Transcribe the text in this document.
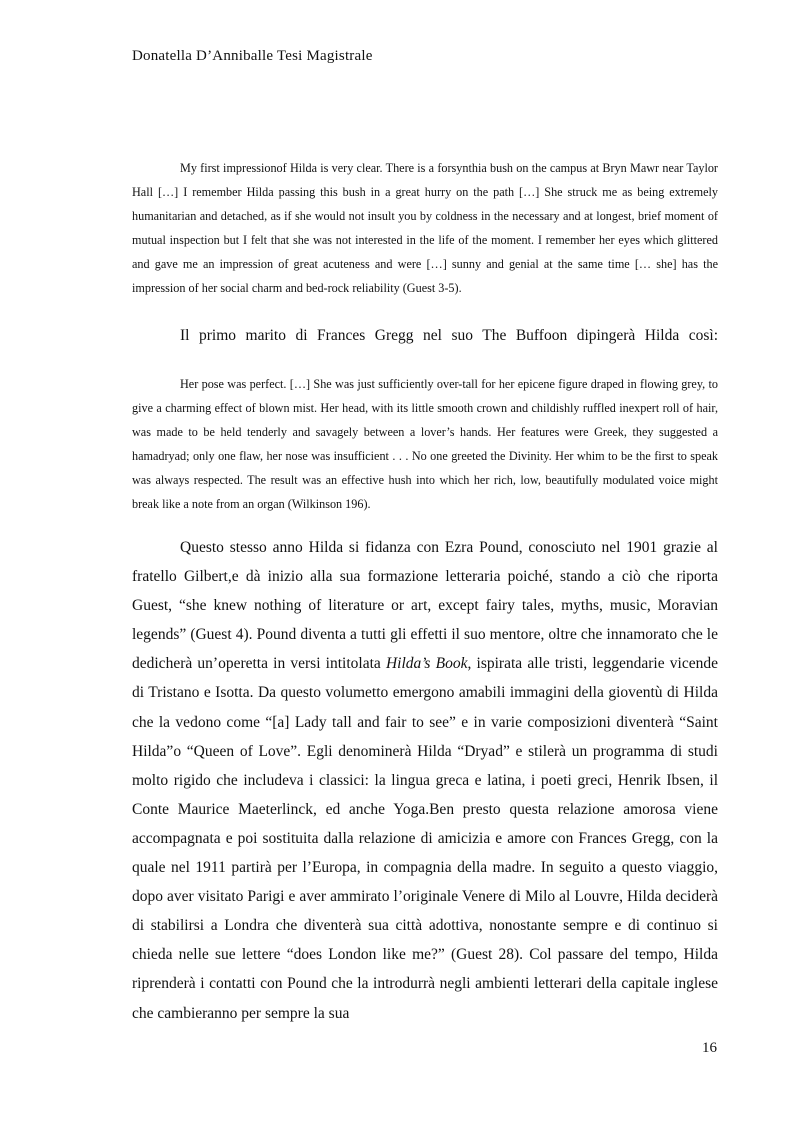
Donatella D’Anniballe Tesi Magistrale

My first impressionof Hilda is very clear. There is a forsynthia bush on the campus at Bryn Mawr near Taylor Hall […] I remember Hilda passing this bush in a great hurry on the path […] She struck me as being extremely humanitarian and detached, as if she would not insult you by coldness in the necessary and at longest, brief moment of mutual inspection but I felt that she was not interested in the life of the moment. I remember her eyes which glittered and gave me an impression of great acuteness and were […] sunny and genial at the same time [… she] has the impression of her social charm and bed-rock reliability (Guest 3-5).

Il primo marito di Frances Gregg nel suo The Buffoon dipingerà Hilda così:

Her pose was perfect. […] She was just sufficiently over-tall for her epicene figure draped in flowing grey, to give a charming effect of blown mist. Her head, with its little smooth crown and childishly ruffled inexpert roll of hair, was made to be held tenderly and savagely between a lover’s hands. Her features were Greek, they suggested a hamadryad; only one flaw, her nose was insufficient . . . No one greeted the Divinity. Her whim to be the first to speak was always respected. The result was an effective hush into which her rich, low, beautifully modulated voice might break like a note from an organ (Wilkinson 196).

Questo stesso anno Hilda si fidanza con Ezra Pound, conosciuto nel 1901 grazie al fratello Gilbert,e dà inizio alla sua formazione letteraria poiché, stando a ciò che riporta Guest, “she knew nothing of literature or art, except fairy tales, myths, music, Moravian legends” (Guest 4). Pound diventa a tutti gli effetti il suo mentore, oltre che innamorato che le dedicherà un’operetta in versi intitolata Hilda’s Book, ispirata alle tristi, leggendarie vicende di Tristano e Isotta. Da questo volumetto emergono amabili immagini della gioventù di Hilda che la vedono come “[a] Lady tall and fair to see” e in varie composizioni diventerà “Saint Hilda”o “Queen of Love”. Egli denominerà Hilda “Dryad” e stilerà un programma di studi molto rigido che includeva i classici: la lingua greca e latina, i poeti greci, Henrik Ibsen, il Conte Maurice Maeterlinck, ed anche Yoga.Ben presto questa relazione amorosa viene accompagnata e poi sostituita dalla relazione di amicizia e amore con Frances Gregg, con la quale nel 1911 partirà per l’Europa, in compagnia della madre. In seguito a questo viaggio, dopo aver visitato Parigi e aver ammirato l’originale Venere di Milo al Louvre, Hilda deciderà di stabilirsi a Londra che diventerà sua città adottiva, nonostante sempre e di continuo si chieda nelle sue lettere “does London like me?” (Guest 28). Col passare del tempo, Hilda riprenderà i contatti con Pound che la introdurrà negli ambienti letterari della capitale inglese che cambieranno per sempre la sua

16
